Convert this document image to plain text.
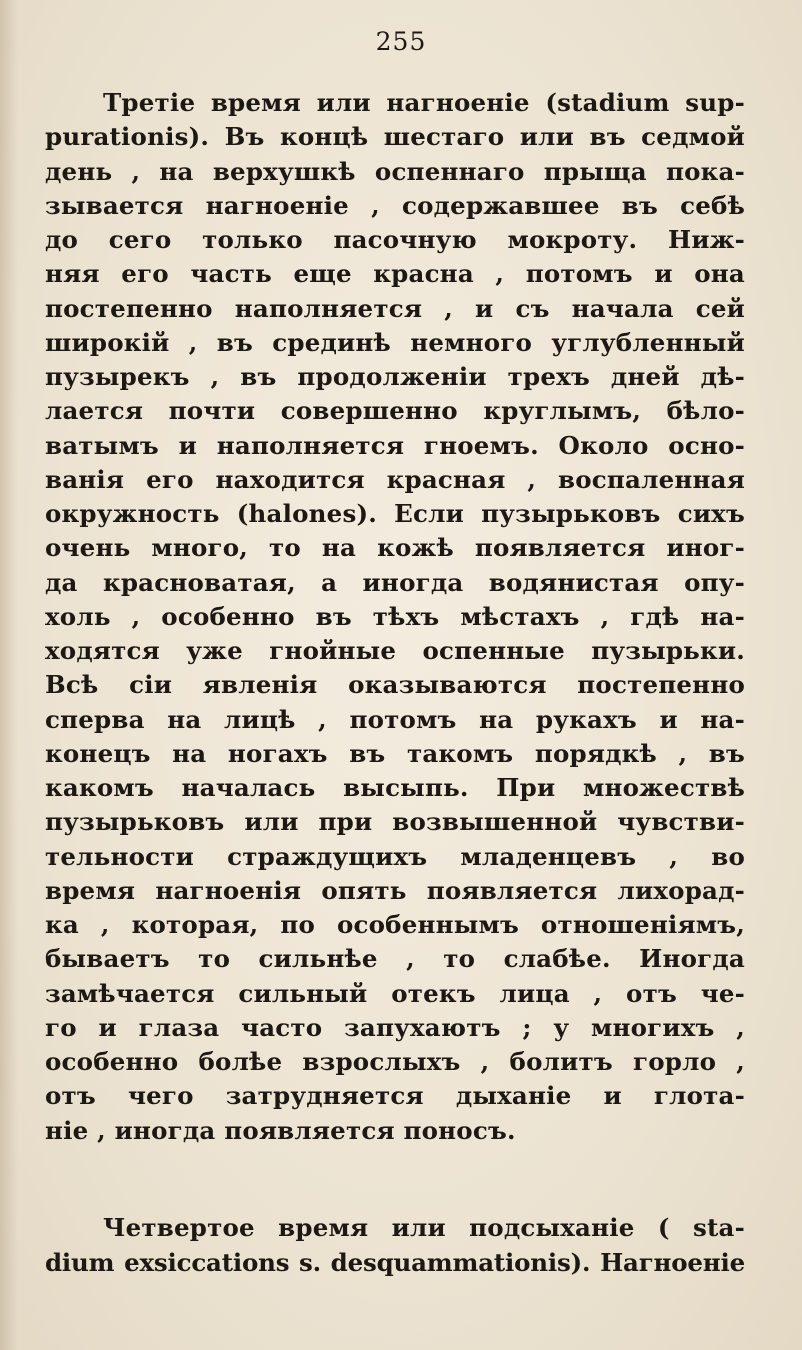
255
Третіе время или нагноеніе (stadium sup-
purationis). Въ концѣ шестаго или въ седмой
день , на верхушкѣ оспеннаго прыща пока-
зывается нагноеніе , содержавшее въ себѣ
до сего только пасочную мокроту. Ниж-
няя его часть еще красна , потомъ и она
постепенно наполняется , и съ начала сей
широкій , въ срединѣ немного углубленный
пузырекъ , въ продолженіи трехъ дней дѣ-
лается почти совершенно круглымъ, бѣло-
ватымъ и наполняется гноемъ. Около осно-
ванія его находится красная , воспаленная
окружность (halones). Если пузырьковъ сихъ
очень много, то на кожѣ появляется иног-
да красноватая, а иногда водянистая опу-
холь , особенно въ тѣхъ мѣстахъ , гдѣ на-
ходятся уже гнойные оспенные пузырьки.
Всѣ сіи явленія оказываются постепенно
сперва на лицѣ , потомъ на рукахъ и на-
конецъ на ногахъ въ такомъ порядкѣ , въ
какомъ началась высыпь. При множествѣ
пузырьковъ или при возвышенной чувстви-
тельности страждущихъ младенцевъ , во
время нагноенія опять появляется лихорад-
ка , которая, по особеннымъ отношеніямъ,
бываетъ то сильнѣе , то слабѣе. Иногда
замѣчается сильный отекъ лица , отъ че-
го и глаза часто запухаютъ ; у многихъ ,
особенно болѣе взрослыхъ , болитъ горло ,
отъ чего затрудняется дыханіе и глота-
ніе , иногда появляется поносъ.
Четвертое время или подсыханіе ( sta-
dium exsiccations s. desquammationis). Нагноеніе
